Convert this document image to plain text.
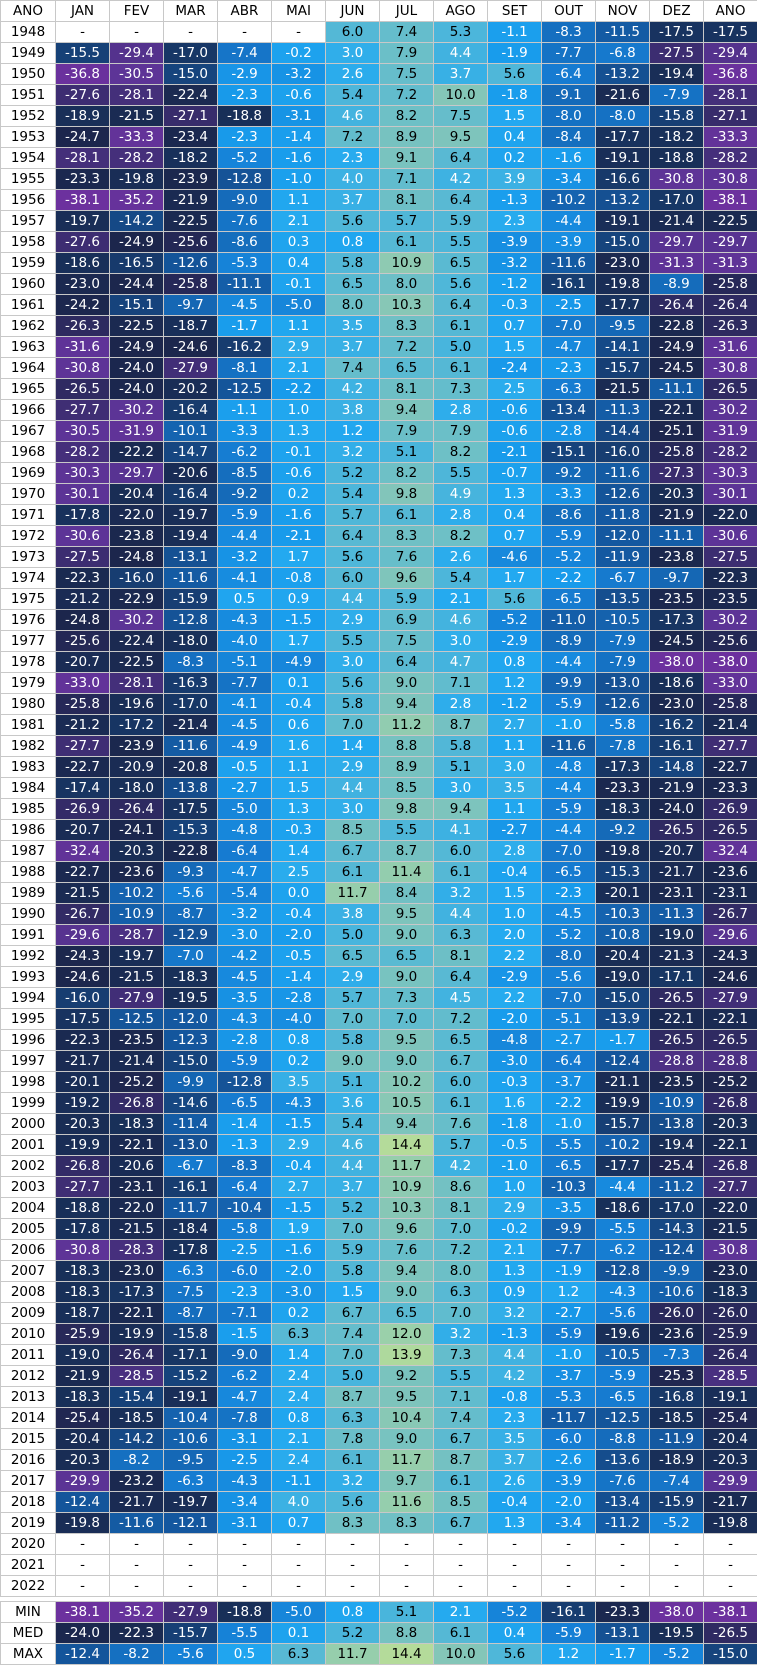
ANO	JAN	FEV	MAR	ABR	MAI	JUN	JUL	AGO	SET	OUT	NOV	DEZ	ANO
1948	-	-	-	-	-	6.0	7.4	5.3	-1.1	-8.3	-11.5	-17.5	-17.5
1949	-15.5	-29.4	-17.0	-7.4	-0.2	3.0	7.9	4.4	-1.9	-7.7	-6.8	-27.5	-29.4
1950	-36.8	-30.5	-15.0	-2.9	-3.2	2.6	7.5	3.7	5.6	-6.4	-13.2	-19.4	-36.8
1951	-27.6	-28.1	-22.4	-2.3	-0.6	5.4	7.2	10.0	-1.8	-9.1	-21.6	-7.9	-28.1
1952	-18.9	-21.5	-27.1	-18.8	-3.1	4.6	8.2	7.5	1.5	-8.0	-8.0	-15.8	-27.1
1953	-24.7	-33.3	-23.4	-2.3	-1.4	7.2	8.9	9.5	0.4	-8.4	-17.7	-18.2	-33.3
1954	-28.1	-28.2	-18.2	-5.2	-1.6	2.3	9.1	6.4	0.2	-1.6	-19.1	-18.8	-28.2
1955	-23.3	-19.8	-23.9	-12.8	-1.0	4.0	7.1	4.2	3.9	-3.4	-16.6	-30.8	-30.8
1956	-38.1	-35.2	-21.9	-9.0	1.1	3.7	8.1	6.4	-1.3	-10.2	-13.2	-17.0	-38.1
1957	-19.7	-14.2	-22.5	-7.6	2.1	5.6	5.7	5.9	2.3	-4.4	-19.1	-21.4	-22.5
1958	-27.6	-24.9	-25.6	-8.6	0.3	0.8	6.1	5.5	-3.9	-3.9	-15.0	-29.7	-29.7
1959	-18.6	-16.5	-12.6	-5.3	0.4	5.8	10.9	6.5	-3.2	-11.6	-23.0	-31.3	-31.3
1960	-23.0	-24.4	-25.8	-11.1	-0.1	6.5	8.0	5.6	-1.2	-16.1	-19.8	-8.9	-25.8
1961	-24.2	-15.1	-9.7	-4.5	-5.0	8.0	10.3	6.4	-0.3	-2.5	-17.7	-26.4	-26.4
1962	-26.3	-22.5	-18.7	-1.7	1.1	3.5	8.3	6.1	0.7	-7.0	-9.5	-22.8	-26.3
1963	-31.6	-24.9	-24.6	-16.2	2.9	3.7	7.2	5.0	1.5	-4.7	-14.1	-24.9	-31.6
1964	-30.8	-24.0	-27.9	-8.1	2.1	7.4	6.5	6.1	-2.4	-2.3	-15.7	-24.5	-30.8
1965	-26.5	-24.0	-20.2	-12.5	-2.2	4.2	8.1	7.3	2.5	-6.3	-21.5	-11.1	-26.5
1966	-27.7	-30.2	-16.4	-1.1	1.0	3.8	9.4	2.8	-0.6	-13.4	-11.3	-22.1	-30.2
1967	-30.5	-31.9	-10.1	-3.3	1.3	1.2	7.9	7.9	-0.6	-2.8	-14.4	-25.1	-31.9
1968	-28.2	-22.2	-14.7	-6.2	-0.1	3.2	5.1	8.2	-2.1	-15.1	-16.0	-25.8	-28.2
1969	-30.3	-29.7	-20.6	-8.5	-0.6	5.2	8.2	5.5	-0.7	-9.2	-11.6	-27.3	-30.3
1970	-30.1	-20.4	-16.4	-9.2	0.2	5.4	9.8	4.9	1.3	-3.3	-12.6	-20.3	-30.1
1971	-17.8	-22.0	-19.7	-5.9	-1.6	5.7	6.1	2.8	0.4	-8.6	-11.8	-21.9	-22.0
1972	-30.6	-23.8	-19.4	-4.4	-2.1	6.4	8.3	8.2	0.7	-5.9	-12.0	-11.1	-30.6
1973	-27.5	-24.8	-13.1	-3.2	1.7	5.6	7.6	2.6	-4.6	-5.2	-11.9	-23.8	-27.5
1974	-22.3	-16.0	-11.6	-4.1	-0.8	6.0	9.6	5.4	1.7	-2.2	-6.7	-9.7	-22.3
1975	-21.2	-22.9	-15.9	0.5	0.9	4.4	5.9	2.1	5.6	-6.5	-13.5	-23.5	-23.5
1976	-24.8	-30.2	-12.8	-4.3	-1.5	2.9	6.9	4.6	-5.2	-11.0	-10.5	-17.3	-30.2
1977	-25.6	-22.4	-18.0	-4.0	1.7	5.5	7.5	3.0	-2.9	-8.9	-7.9	-24.5	-25.6
1978	-20.7	-22.5	-8.3	-5.1	-4.9	3.0	6.4	4.7	0.8	-4.4	-7.9	-38.0	-38.0
1979	-33.0	-28.1	-16.3	-7.7	0.1	5.6	9.0	7.1	1.2	-9.9	-13.0	-18.6	-33.0
1980	-25.8	-19.6	-17.0	-4.1	-0.4	5.8	9.4	2.8	-1.2	-5.9	-12.6	-23.0	-25.8
1981	-21.2	-17.2	-21.4	-4.5	0.6	7.0	11.2	8.7	2.7	-1.0	-5.8	-16.2	-21.4
1982	-27.7	-23.9	-11.6	-4.9	1.6	1.4	8.8	5.8	1.1	-11.6	-7.8	-16.1	-27.7
1983	-22.7	-20.9	-20.8	-0.5	1.1	2.9	8.9	5.1	3.0	-4.8	-17.3	-14.8	-22.7
1984	-17.4	-18.0	-13.8	-2.7	1.5	4.4	8.5	3.0	3.5	-4.4	-23.3	-21.9	-23.3
1985	-26.9	-26.4	-17.5	-5.0	1.3	3.0	9.8	9.4	1.1	-5.9	-18.3	-24.0	-26.9
1986	-20.7	-24.1	-15.3	-4.8	-0.3	8.5	5.5	4.1	-2.7	-4.4	-9.2	-26.5	-26.5
1987	-32.4	-20.3	-22.8	-6.4	1.4	6.7	8.7	6.0	2.8	-7.0	-19.8	-20.7	-32.4
1988	-22.7	-23.6	-9.3	-4.7	2.5	6.1	11.4	6.1	-0.4	-6.5	-15.3	-21.7	-23.6
1989	-21.5	-10.2	-5.6	-5.4	0.0	11.7	8.4	3.2	1.5	-2.3	-20.1	-23.1	-23.1
1990	-26.7	-10.9	-8.7	-3.2	-0.4	3.8	9.5	4.4	1.0	-4.5	-10.3	-11.3	-26.7
1991	-29.6	-28.7	-12.9	-3.0	-2.0	5.0	9.0	6.3	2.0	-5.2	-10.8	-19.0	-29.6
1992	-24.3	-19.7	-7.0	-4.2	-0.5	6.5	6.5	8.1	2.2	-8.0	-20.4	-21.3	-24.3
1993	-24.6	-21.5	-18.3	-4.5	-1.4	2.9	9.0	6.4	-2.9	-5.6	-19.0	-17.1	-24.6
1994	-16.0	-27.9	-19.5	-3.5	-2.8	5.7	7.3	4.5	2.2	-7.0	-15.0	-26.5	-27.9
1995	-17.5	-12.5	-12.0	-4.3	-4.0	7.0	7.0	7.2	-2.0	-5.1	-13.9	-22.1	-22.1
1996	-22.3	-23.5	-12.3	-2.8	0.8	5.8	9.5	6.5	-4.8	-2.7	-1.7	-26.5	-26.5
1997	-21.7	-21.4	-15.0	-5.9	0.2	9.0	9.0	6.7	-3.0	-6.4	-12.4	-28.8	-28.8
1998	-20.1	-25.2	-9.9	-12.8	3.5	5.1	10.2	6.0	-0.3	-3.7	-21.1	-23.5	-25.2
1999	-19.2	-26.8	-14.6	-6.5	-4.3	3.6	10.5	6.1	1.6	-2.2	-19.9	-10.9	-26.8
2000	-20.3	-18.3	-11.4	-1.4	-1.5	5.4	9.4	7.6	-1.8	-1.0	-15.7	-13.8	-20.3
2001	-19.9	-22.1	-13.0	-1.3	2.9	4.6	14.4	5.7	-0.5	-5.5	-10.2	-19.4	-22.1
2002	-26.8	-20.6	-6.7	-8.3	-0.4	4.4	11.7	4.2	-1.0	-6.5	-17.7	-25.4	-26.8
2003	-27.7	-23.1	-16.1	-6.4	2.7	3.7	10.9	8.6	1.0	-10.3	-4.4	-11.2	-27.7
2004	-18.8	-22.0	-11.7	-10.4	-1.5	5.2	10.3	8.1	2.9	-3.5	-18.6	-17.0	-22.0
2005	-17.8	-21.5	-18.4	-5.8	1.9	7.0	9.6	7.0	-0.2	-9.9	-5.5	-14.3	-21.5
2006	-30.8	-28.3	-17.8	-2.5	-1.6	5.9	7.6	7.2	2.1	-7.7	-6.2	-12.4	-30.8
2007	-18.3	-23.0	-6.3	-6.0	-2.0	5.8	9.4	8.0	1.3	-1.9	-12.8	-9.9	-23.0
2008	-18.3	-17.3	-7.5	-2.3	-3.0	1.5	9.0	6.3	0.9	1.2	-4.3	-10.6	-18.3
2009	-18.7	-22.1	-8.7	-7.1	0.2	6.7	6.5	7.0	3.2	-2.7	-5.6	-26.0	-26.0
2010	-25.9	-19.9	-15.8	-1.5	6.3	7.4	12.0	3.2	-1.3	-5.9	-19.6	-23.6	-25.9
2011	-19.0	-26.4	-17.1	-9.0	1.4	7.0	13.9	7.3	4.4	-1.0	-10.5	-7.3	-26.4
2012	-21.9	-28.5	-15.2	-6.2	2.4	5.0	9.2	5.5	4.2	-3.7	-5.9	-25.3	-28.5
2013	-18.3	-15.4	-19.1	-4.7	2.4	8.7	9.5	7.1	-0.8	-5.3	-6.5	-16.8	-19.1
2014	-25.4	-18.5	-10.4	-7.8	0.8	6.3	10.4	7.4	2.3	-11.7	-12.5	-18.5	-25.4
2015	-20.4	-14.2	-10.6	-3.1	2.1	7.8	9.0	6.7	3.5	-6.0	-8.8	-11.9	-20.4
2016	-20.3	-8.2	-9.5	-2.5	2.4	6.1	11.7	8.7	3.7	-2.6	-13.6	-18.9	-20.3
2017	-29.9	-23.2	-6.3	-4.3	-1.1	3.2	9.7	6.1	2.6	-3.9	-7.6	-7.4	-29.9
2018	-12.4	-21.7	-19.7	-3.4	4.0	5.6	11.6	8.5	-0.4	-2.0	-13.4	-15.9	-21.7
2019	-19.8	-11.6	-12.1	-3.1	0.7	8.3	8.3	6.7	1.3	-3.4	-11.2	-5.2	-19.8
2020	-	-	-	-	-	-	-	-	-	-	-	-	-
2021	-	-	-	-	-	-	-	-	-	-	-	-	-
2022	-	-	-	-	-	-	-	-	-	-	-	-	-

MIN	-38.1	-35.2	-27.9	-18.8	-5.0	0.8	5.1	2.1	-5.2	-16.1	-23.3	-38.0	-38.1
MED	-24.0	-22.3	-15.7	-5.5	0.1	5.2	8.8	6.1	0.4	-5.9	-13.1	-19.5	-26.5
MAX	-12.4	-8.2	-5.6	0.5	6.3	11.7	14.4	10.0	5.6	1.2	-1.7	-5.2	-15.0
